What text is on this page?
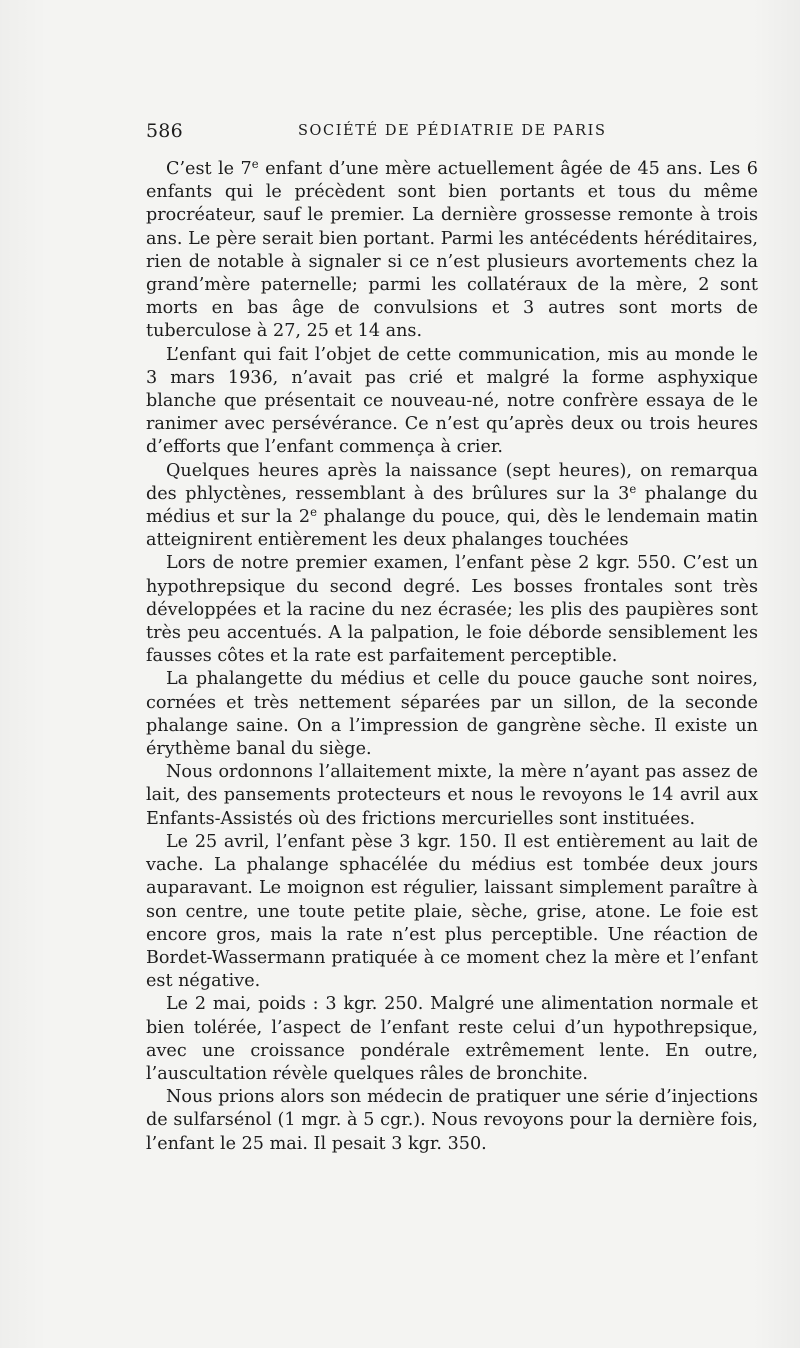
586	SOCIÉTÉ DE PÉDIATRIE DE PARIS

C’est le 7e enfant d’une mère actuellement âgée de 45 ans. Les 6 enfants qui le précèdent sont bien portants et tous du même procréateur, sauf le premier. La dernière grossesse remonte à trois ans. Le père serait bien portant. Parmi les antécédents héréditaires, rien de notable à signaler si ce n’est plusieurs avortements chez la grand’mère paternelle; parmi les collatéraux de la mère, 2 sont morts en bas âge de convulsions et 3 autres sont morts de tuberculose à 27, 25 et 14 ans.

L’enfant qui fait l’objet de cette communication, mis au monde le 3 mars 1936, n’avait pas crié et malgré la forme asphyxique blanche que présentait ce nouveau-né, notre confrère essaya de le ranimer avec persévérance. Ce n’est qu’après deux ou trois heures d’efforts que l’enfant commença à crier.

Quelques heures après la naissance (sept heures), on remarqua des phlyctènes, ressemblant à des brûlures sur la 3e phalange du médius et sur la 2e phalange du pouce, qui, dès le lendemain matin atteignirent entièrement les deux phalanges touchées

Lors de notre premier examen, l’enfant pèse 2 kgr. 550. C’est un hypothrepsique du second degré. Les bosses frontales sont très développées et la racine du nez écrasée; les plis des paupières sont très peu accentués. A la palpation, le foie déborde sensiblement les fausses côtes et la rate est parfaitement perceptible.

La phalangette du médius et celle du pouce gauche sont noires, cornées et très nettement séparées par un sillon, de la seconde phalange saine. On a l’impression de gangrène sèche. Il existe un érythème banal du siège.

Nous ordonnons l’allaitement mixte, la mère n’ayant pas assez de lait, des pansements protecteurs et nous le revoyons le 14 avril aux Enfants-Assistés où des frictions mercurielles sont instituées.

Le 25 avril, l’enfant pèse 3 kgr. 150. Il est entièrement au lait de vache. La phalange sphacélée du médius est tombée deux jours auparavant. Le moignon est régulier, laissant simplement paraître à son centre, une toute petite plaie, sèche, grise, atone. Le foie est encore gros, mais la rate n’est plus perceptible. Une réaction de Bordet-Wassermann pratiquée à ce moment chez la mère et l’enfant est négative.

Le 2 mai, poids : 3 kgr. 250. Malgré une alimentation normale et bien tolérée, l’aspect de l’enfant reste celui d’un hypothrepsique, avec une croissance pondérale extrêmement lente. En outre, l’auscultation révèle quelques râles de bronchite.

Nous prions alors son médecin de pratiquer une série d’injections de sulfarsénol (1 mgr. à 5 cgr.). Nous revoyons pour la dernière fois, l’enfant le 25 mai. Il pesait 3 kgr. 350.
